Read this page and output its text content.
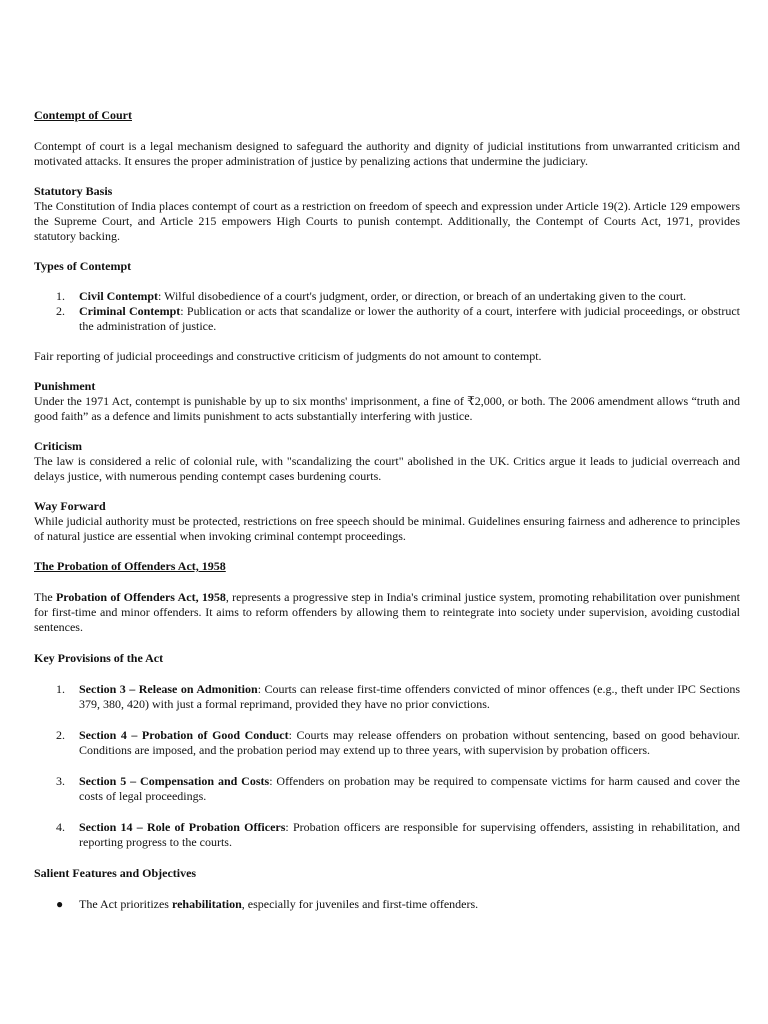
Contempt of Court

Contempt of court is a legal mechanism designed to safeguard the authority and dignity of judicial institutions from unwarranted criticism and motivated attacks. It ensures the proper administration of justice by penalizing actions that undermine the judiciary.

Statutory Basis

The Constitution of India places contempt of court as a restriction on freedom of speech and expression under Article 19(2). Article 129 empowers the Supreme Court, and Article 215 empowers High Courts to punish contempt. Additionally, the Contempt of Courts Act, 1971, provides statutory backing.

Types of Contempt

1.	Civil Contempt: Wilful disobedience of a court's judgment, order, or direction, or breach of an undertaking given to the court.
2.	Criminal Contempt: Publication or acts that scandalize or lower the authority of a court, interfere with judicial proceedings, or obstruct the administration of justice.

Fair reporting of judicial proceedings and constructive criticism of judgments do not amount to contempt.

Punishment

Under the 1971 Act, contempt is punishable by up to six months' imprisonment, a fine of ₹2,000, or both. The 2006 amendment allows “truth and good faith” as a defence and limits punishment to acts substantially interfering with justice.

Criticism

The law is considered a relic of colonial rule, with "scandalizing the court" abolished in the UK. Critics argue it leads to judicial overreach and delays justice, with numerous pending contempt cases burdening courts.

Way Forward

While judicial authority must be protected, restrictions on free speech should be minimal. Guidelines ensuring fairness and adherence to principles of natural justice are essential when invoking criminal contempt proceedings.

The Probation of Offenders Act, 1958

The Probation of Offenders Act, 1958, represents a progressive step in India's criminal justice system, promoting rehabilitation over punishment for first-time and minor offenders. It aims to reform offenders by allowing them to reintegrate into society under supervision, avoiding custodial sentences.

Key Provisions of the Act

1.	Section 3 – Release on Admonition: Courts can release first-time offenders convicted of minor offences (e.g., theft under IPC Sections 379, 380, 420) with just a formal reprimand, provided they have no prior convictions.
2.	Section 4 – Probation of Good Conduct: Courts may release offenders on probation without sentencing, based on good behaviour. Conditions are imposed, and the probation period may extend up to three years, with supervision by probation officers.
3.	Section 5 – Compensation and Costs: Offenders on probation may be required to compensate victims for harm caused and cover the costs of legal proceedings.
4.	Section 14 – Role of Probation Officers: Probation officers are responsible for supervising offenders, assisting in rehabilitation, and reporting progress to the courts.

Salient Features and Objectives

●	The Act prioritizes rehabilitation, especially for juveniles and first-time offenders.
